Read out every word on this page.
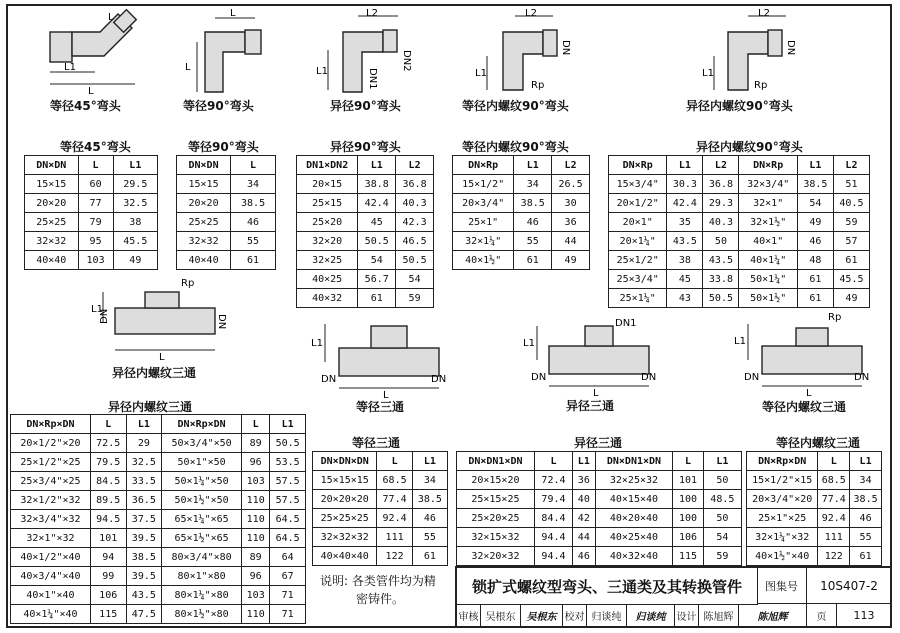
L1
L
L
等径45°弯头
L
L
等径90°弯头
L2
DN2
DN1
L1
异径90°弯头
L2
DN
L1
Rp
等径内螺纹90°弯头
L2
DN
L1
Rp
异径内螺纹90°弯头
Rp
L1
DN	DN
L
异径内螺纹三通
L1
DN	DN
L
等径三通
DN1
L1
DN	DN
L
异径三通
Rp
L1
DN	DN
L
等径内螺纹三通
等径45°弯头
DN×DN	L	L1
15×15	60	29.5
20×20	77	32.5
25×25	79	38
32×32	95	45.5
40×40	103	49
等径90°弯头
DN×DN	L
15×15	34
20×20	38.5
25×25	46
32×32	55
40×40	61
异径90°弯头
DN1×DN2	L1	L2
20×15	38.8	36.8
25×15	42.4	40.3
25×20	45	42.3
32×20	50.5	46.5
32×25	54	50.5
40×25	56.7	54
40×32	61	59
等径内螺纹90°弯头
DN×Rp	L1	L2
15×1/2"	34	26.5
20×3/4"	38.5	30
25×1"	46	36
32×1¼"	55	44
40×1½"	61	49
异径内螺纹90°弯头
DN×Rp	L1	L2	DN×Rp	L1	L2
15×3/4"	30.3	36.8	32×3/4"	38.5	51
20×1/2"	42.4	29.3	32×1"	54	40.5
20×1"	35	40.3	32×1½"	49	59
20×1¼"	43.5	50	40×1"	46	57
25×1/2"	38	43.5	40×1¼"	48	61
25×3/4"	45	33.8	50×1¼"	61	45.5
25×1¼"	43	50.5	50×1½"	61	49
异径内螺纹三通
DN×Rp×DN	L	L1	DN×Rp×DN	L	L1
20×1/2"×20	72.5	29	50×3/4"×50	89	50.5
25×1/2"×25	79.5	32.5	50×1"×50	96	53.5
25×3/4"×25	84.5	33.5	50×1¼"×50	103	57.5
32×1/2"×32	89.5	36.5	50×1½"×50	110	57.5
32×3/4"×32	94.5	37.5	65×1¼"×65	110	64.5
32×1"×32	101	39.5	65×1½"×65	110	64.5
40×1/2"×40	94	38.5	80×3/4"×80	89	64
40×3/4"×40	99	39.5	80×1"×80	96	67
40×1"×40	106	43.5	80×1¼"×80	103	71
40×1¼"×40	115	47.5	80×1½"×80	110	71
等径三通
DN×DN×DN	L	L1
15×15×15	68.5	34
20×20×20	77.4	38.5
25×25×25	92.4	46
32×32×32	111	55
40×40×40	122	61
异径三通
DN×DN1×DN	L	L1	DN×DN1×DN	L	L1
20×15×20	72.4	36	32×25×32	101	50
25×15×25	79.4	40	40×15×40	100	48.5
25×20×25	84.4	42	40×20×40	100	50
32×15×32	94.4	44	40×25×40	106	54
32×20×32	94.4	46	40×32×40	115	59
等径内螺纹三通
DN×Rp×DN	L	L1
15×1/2"×15	68.5	34
20×3/4"×20	77.4	38.5
25×1"×25	92.4	46
32×1¼"×32	111	55
40×1½"×40	122	61
说明: 各类管件均为精
密铸件。
锁扩式螺纹型弯头、三通类及其转换管件	图集号	10S407-2
审核 吴根东	吴根东 校对 归谈纯	归谈纯	设计 陈旭辉	陈旭辉	页	113
